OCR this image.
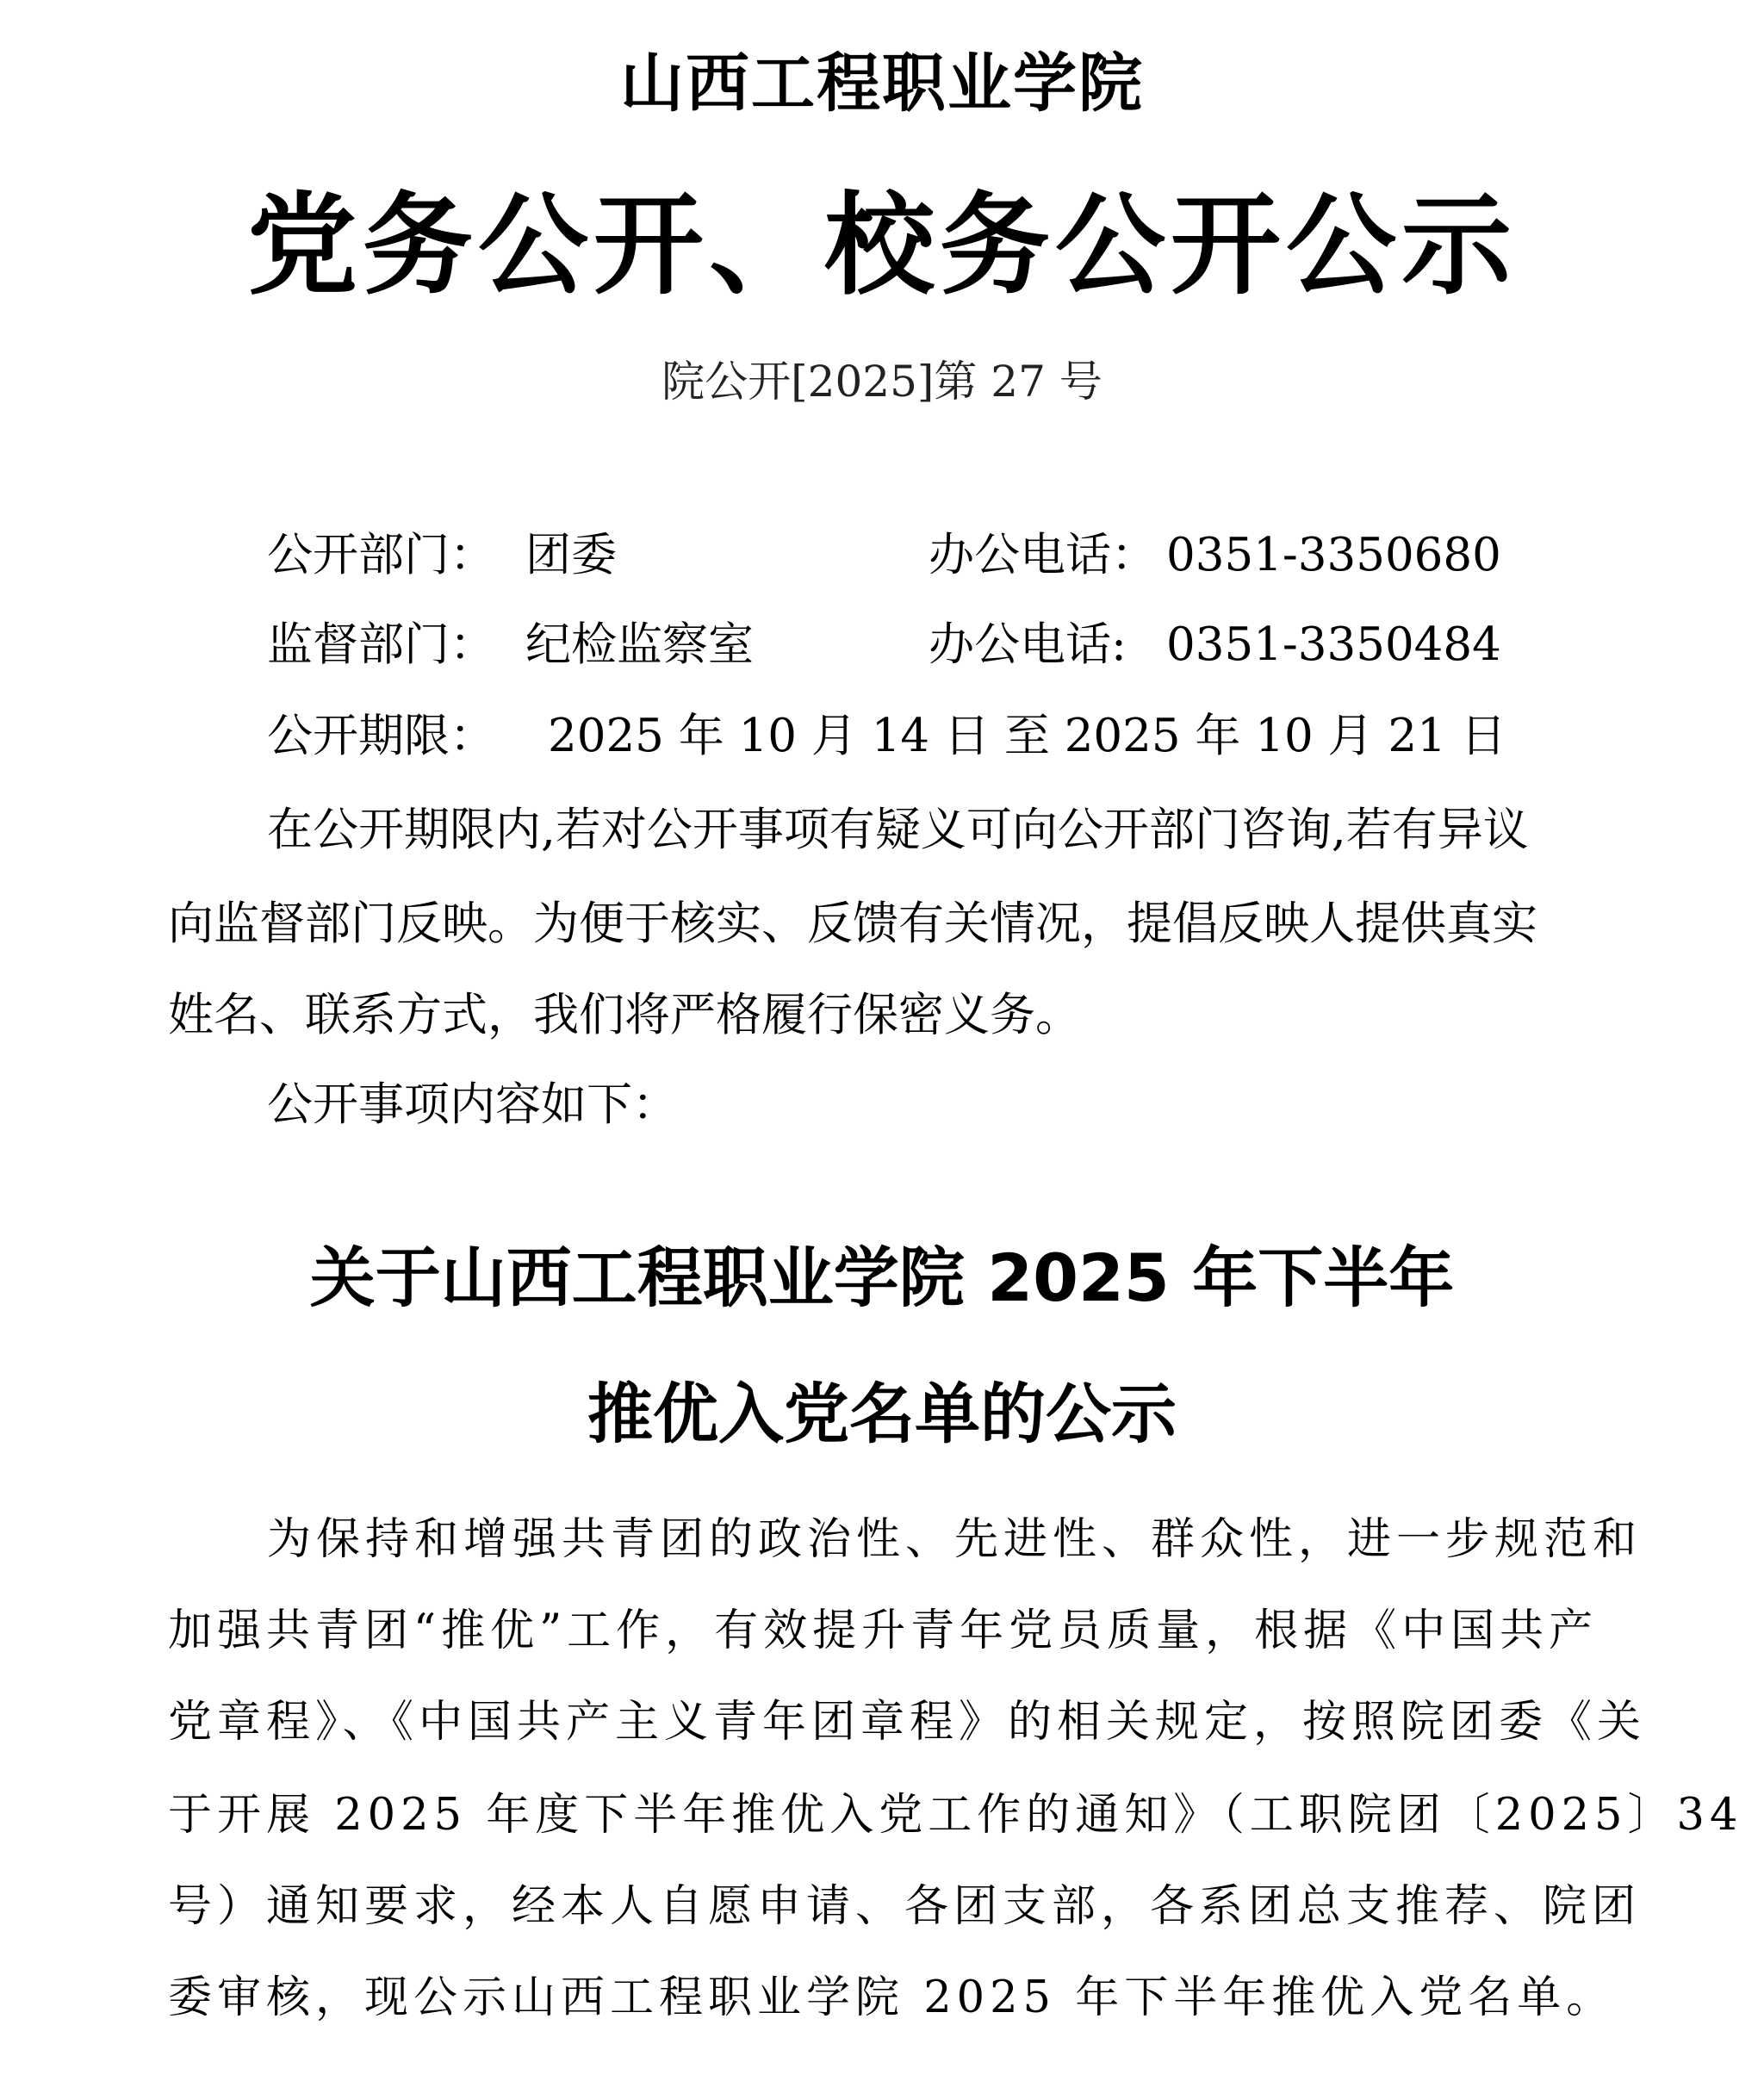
山西工程职业学院
党务公开、校务公开公示
院公开[2025]第 27 号
公开部门： 团委	办公电话： 0351-3350680
监督部门： 纪检监察室	办公电话: 0351-3350484
公开期限： 2025 年 10 月 14 日 至 2025 年 10 月 21 日
在公开期限内,若对公开事项有疑义可向公开部门咨询,若有异议
向监督部门反映。为便于核实、反馈有关情况，提倡反映人提供真实
姓名、联系方式，我们将严格履行保密义务。
公开事项内容如下：
关于山西工程职业学院 2025 年下半年
推优入党名单的公示
为保持和增强共青团的政治性、先进性、群众性，进一步规范和
加强共青团“推优”工作，有效提升青年党员质量，根据《中国共产
党章程》、《中国共产主义青年团章程》的相关规定，按照院团委《关
于开展 2025 年度下半年推优入党工作的通知》（工职院团〔2025〕34
号）通知要求，经本人自愿申请、各团支部，各系团总支推荐、院团
委审核，现公示山西工程职业学院 2025 年下半年推优入党名单。
